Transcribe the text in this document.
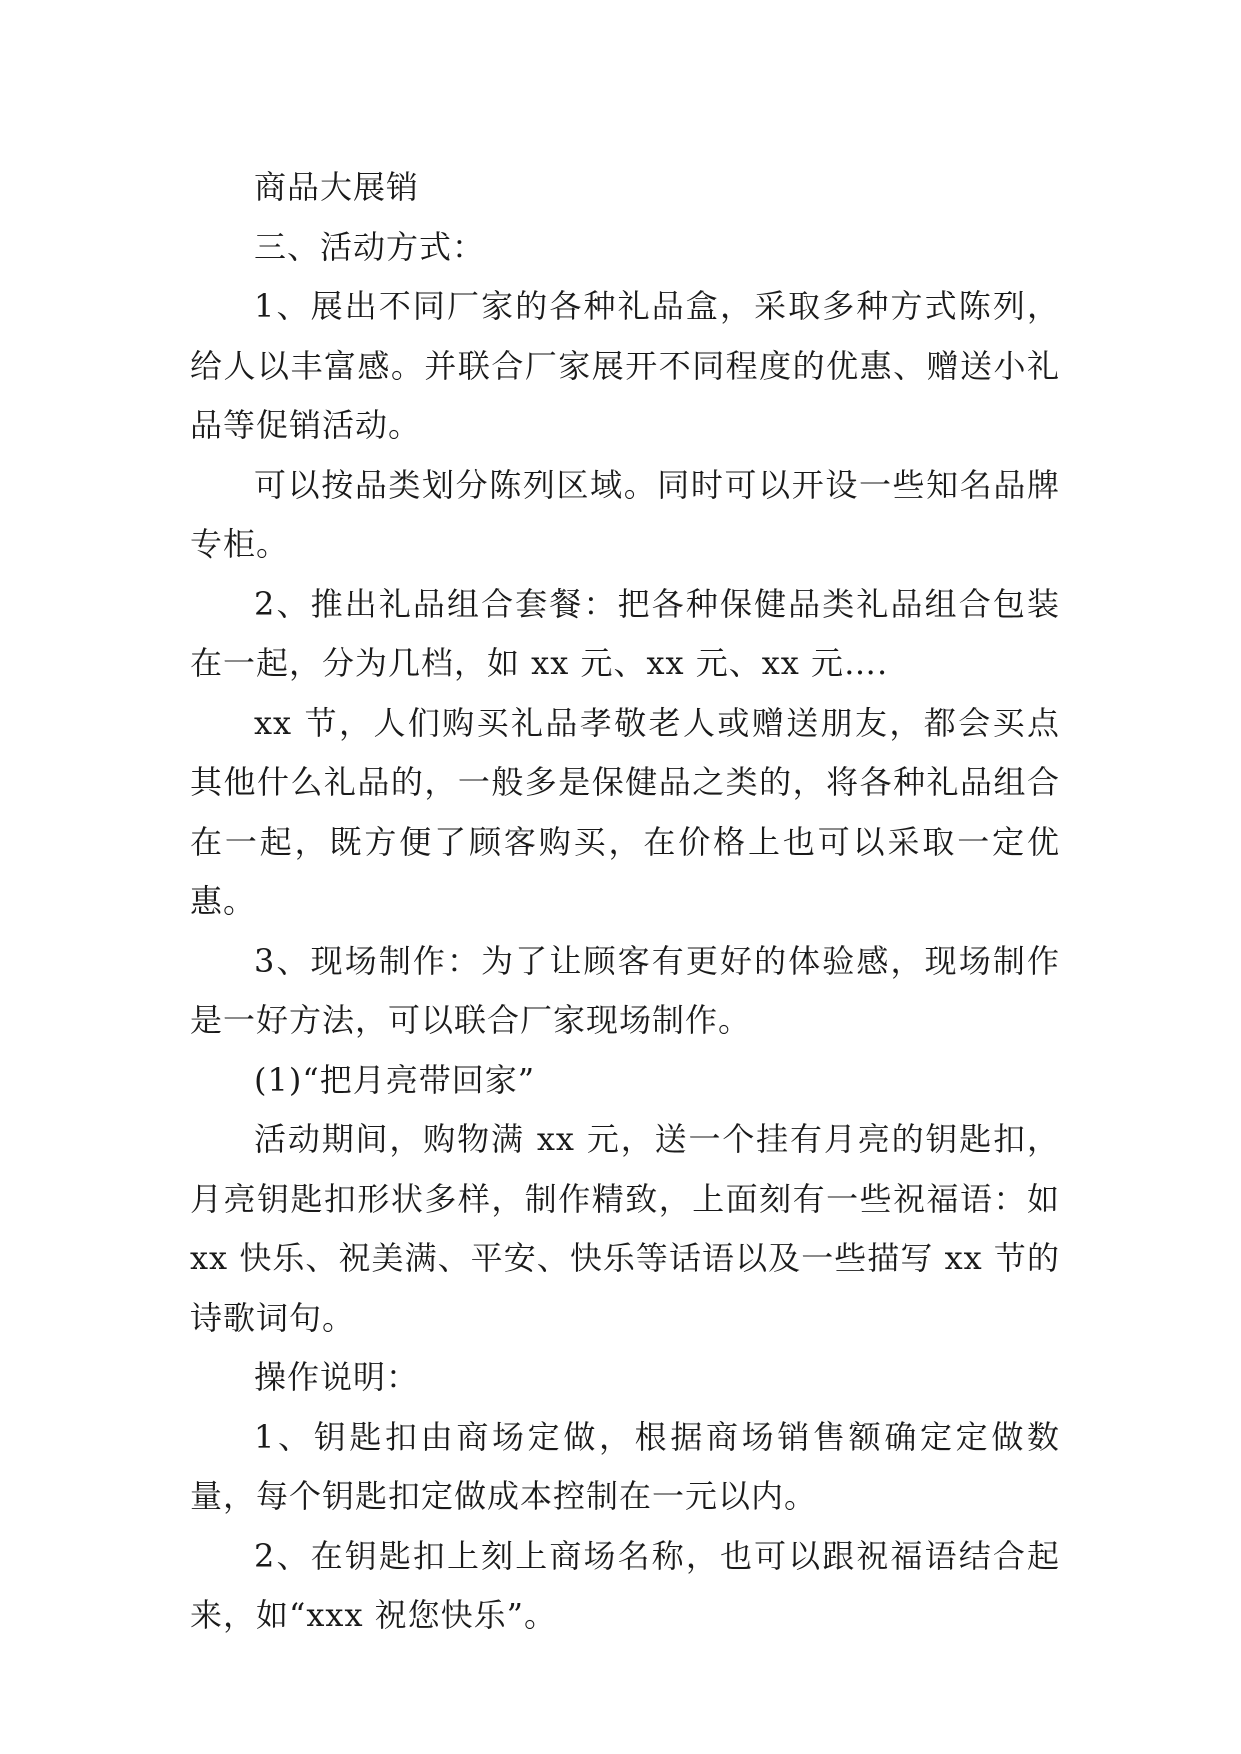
商品大展销

三、活动方式：

1、展出不同厂家的各种礼品盒，采取多种方式陈列，给人以丰富感。并联合厂家展开不同程度的优惠、赠送小礼品等促销活动。

可以按品类划分陈列区域。同时可以开设一些知名品牌专柜。

2、推出礼品组合套餐：把各种保健品类礼品组合包装在一起，分为几档，如 xx 元、xx 元、xx 元….

xx 节，人们购买礼品孝敬老人或赠送朋友，都会买点其他什么礼品的，一般多是保健品之类的，将各种礼品组合在一起，既方便了顾客购买，在价格上也可以采取一定优惠。

3、现场制作：为了让顾客有更好的体验感，现场制作是一好方法，可以联合厂家现场制作。

(1)“把月亮带回家”

活动期间，购物满 xx 元，送一个挂有月亮的钥匙扣，月亮钥匙扣形状多样，制作精致，上面刻有一些祝福语：如 xx 快乐、祝美满、平安、快乐等话语以及一些描写 xx 节的诗歌词句。

操作说明：

1、钥匙扣由商场定做，根据商场销售额确定定做数量，每个钥匙扣定做成本控制在一元以内。

2、在钥匙扣上刻上商场名称，也可以跟祝福语结合起来，如“xxx 祝您快乐”。
